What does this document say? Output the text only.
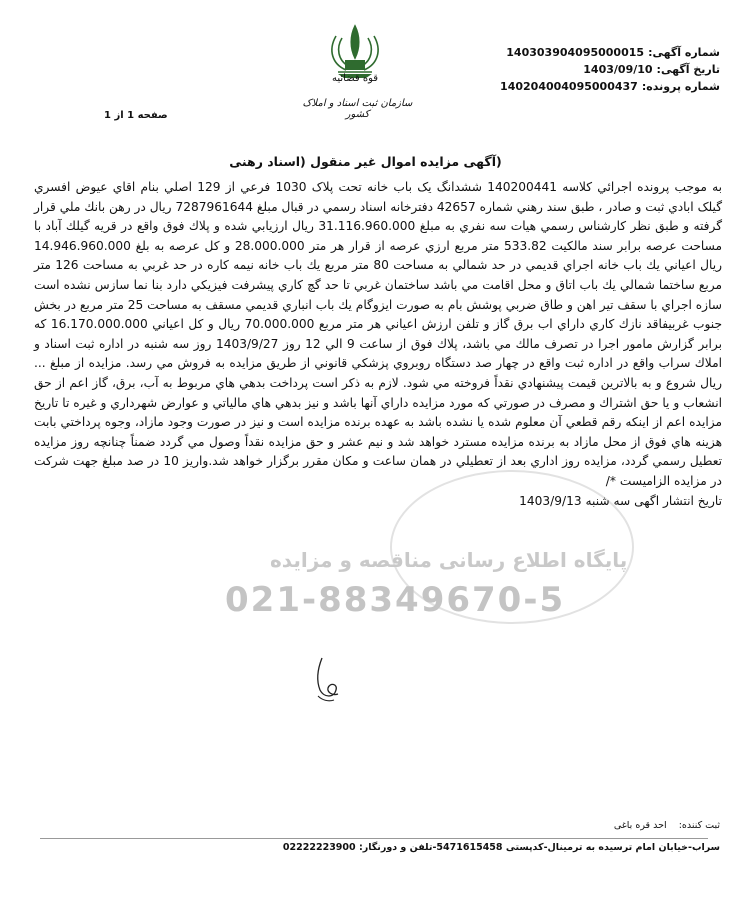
شماره آگهی:
140303904095000015
تاریخ آگهی:
1403/09/10
شماره پرونده:
140204004095000437
صفحه 1 از 1
قوه قضائیه
سازمان ثبت اسناد و املاک کشور
(آگهی مزایده اموال غیر منقول (اسناد رهنی
به موجب پرونده اجرائي کلاسه 140200441 ششدانگ يک باب خانه تحت پلاک 1030 فرعي از 129 اصلي بنام اقاي عيوض افسري گيلک ابادي ثبت و صادر ، طبق سند رهني شماره 42657 دفترخانه اسناد رسمي در قبال مبلغ 7287961644 ريال در رهن بانك ملي قرار گرفته و طبق نظر كارشناس رسمي هيات سه نفري به مبلغ 31.116.960.000 ريال ارزيابي شده و پلاك فوق واقع در قريه گيلك آباد با مساحت عرصه برابر سند مالكيت 533.82 متر مربع ارزي عرصه از قرار هر متر 28.000.000 و كل عرصه به بلغ 14.946.960.000 ريال اعياني يك باب خانه اجراي قديمي در حد شمالي به مساحت 80 متر مربع يك باب خانه نيمه كاره در حد غربي به مساحت 126 متر مربع ساختما شمالي يك باب اتاق و محل اقامت مي باشد ساختمان غربي تا حد گچ كاري پيشرفت فيزيكي دارد بنا نما سازس نشده است سازه اجراي با سقف تير اهن و طاق ضربي پوشش بام به صورت ايزوگام يك باب انباري قديمي مسقف به مساحت 25 متر مربع در بخش جنوب غربيفاقد نازك كاري داراي اب برق گاز و تلفن ارزش اعياني هر متر مربع 70.000.000 ريال و كل اعياني 16.170.000.000 كه برابر گزارش مامور اجرا در تصرف مالك مي باشد، پلاك فوق از ساعت 9 الي 12 روز 1403/9/27 روز سه شنبه در اداره ثبت اسناد و املاك سراب واقع در اداره ثبت واقع در چهار صد دستگاه روبروي پزشكي قانوني از طريق مزايده به فروش مي رسد. مزايده از مبلغ ... ريال شروع و به بالاترين قيمت پيشنهادي نقداً فروخته مي شود. لازم به ذكر است پرداخت بدهي هاي مربوط به آب، برق، گاز اعم از حق انشعاب و يا حق اشتراك و مصرف در صورتي كه مورد مزايده داراي آنها باشد و نيز بدهي هاي مالياتي و عوارض شهرداري و غيره تا تاريخ مزايده اعم از اينكه رقم قطعي آن معلوم شده يا نشده باشد به عهده برنده مزايده است و نيز در صورت وجود مازاد، وجوه پرداختي بابت هزينه هاي فوق از محل مازاد به برنده مزايده مسترد خواهد شد و نيم عشر و حق مزايده نقداً وصول مي گردد ضمناً چنانچه روز مزايده تعطيل رسمي گردد، مزايده روز اداري بعد از تعطيلي در همان ساعت و مكان مقرر برگزار خواهد شد.واريز 10 در صد مبلغ جهت شركت در مزايده الزاميست */
تاریخ انتشار اگهی سه شنبه 1403/9/13
پایگاه اطلاع رسانی مناقصه و مزایده
021-88349670-5
ثبت کننده:    احد قره باغی
سراب-خیابان امام ترسیده به ترمینال-کدپستی 5471615458-تلفن و دورنگار: 02222223900
